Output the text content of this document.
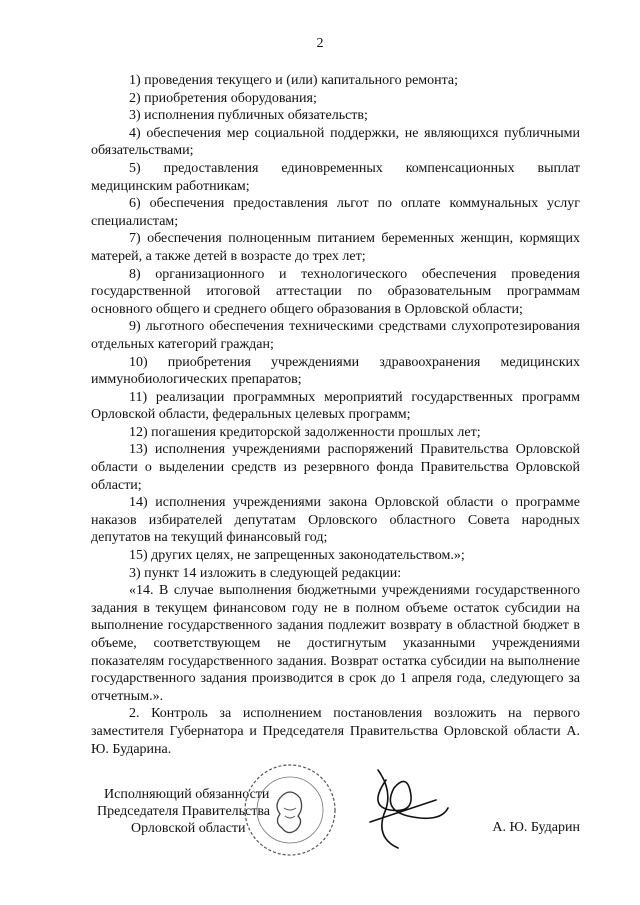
2

1) проведения текущего и (или) капитального ремонта;

2) приобретения оборудования;

3) исполнения публичных обязательств;

4) обеспечения мер социальной поддержки, не являющихся публичными обязательствами;

5) предоставления единовременных компенсационных выплат медицинским работникам;

6) обеспечения предоставления льгот по оплате коммунальных услуг специалистам;

7) обеспечения полноценным питанием беременных женщин, кормящих матерей, а также детей в возрасте до трех лет;

8) организационного и технологического обеспечения проведения государственной итоговой аттестации по образовательным программам основного общего и среднего общего образования в Орловской области;

9) льготного обеспечения техническими средствами слухопротезирования отдельных категорий граждан;

10) приобретения учреждениями здравоохранения медицинских иммунобиологических препаратов;

11) реализации программных мероприятий государственных программ Орловской области, федеральных целевых программ;

12) погашения кредиторской задолженности прошлых лет;

13) исполнения учреждениями распоряжений Правительства Орловской области о выделении средств из резервного фонда Правительства Орловской области;

14) исполнения учреждениями закона Орловской области о программе наказов избирателей депутатам Орловского областного Совета народных депутатов на текущий финансовый год;

15) других целях, не запрещенных законодательством.»;

3) пункт 14 изложить в следующей редакции:

«14. В случае выполнения бюджетными учреждениями государственного задания в текущем финансовом году не в полном объеме остаток субсидии на выполнение государственного задания подлежит возврату в областной бюджет в объеме, соответствующем не достигнутым указанными учреждениями показателям государственного задания. Возврат остатка субсидии на выполнение государственного задания производится в срок до 1 апреля года, следующего за отчетным.».

2. Контроль за исполнением постановления возложить на первого заместителя Губернатора и Председателя Правительства Орловской области А. Ю. Бударина.

Исполняющий обязанности
Председателя Правительства
Орловской области	А. Ю. Бударин
